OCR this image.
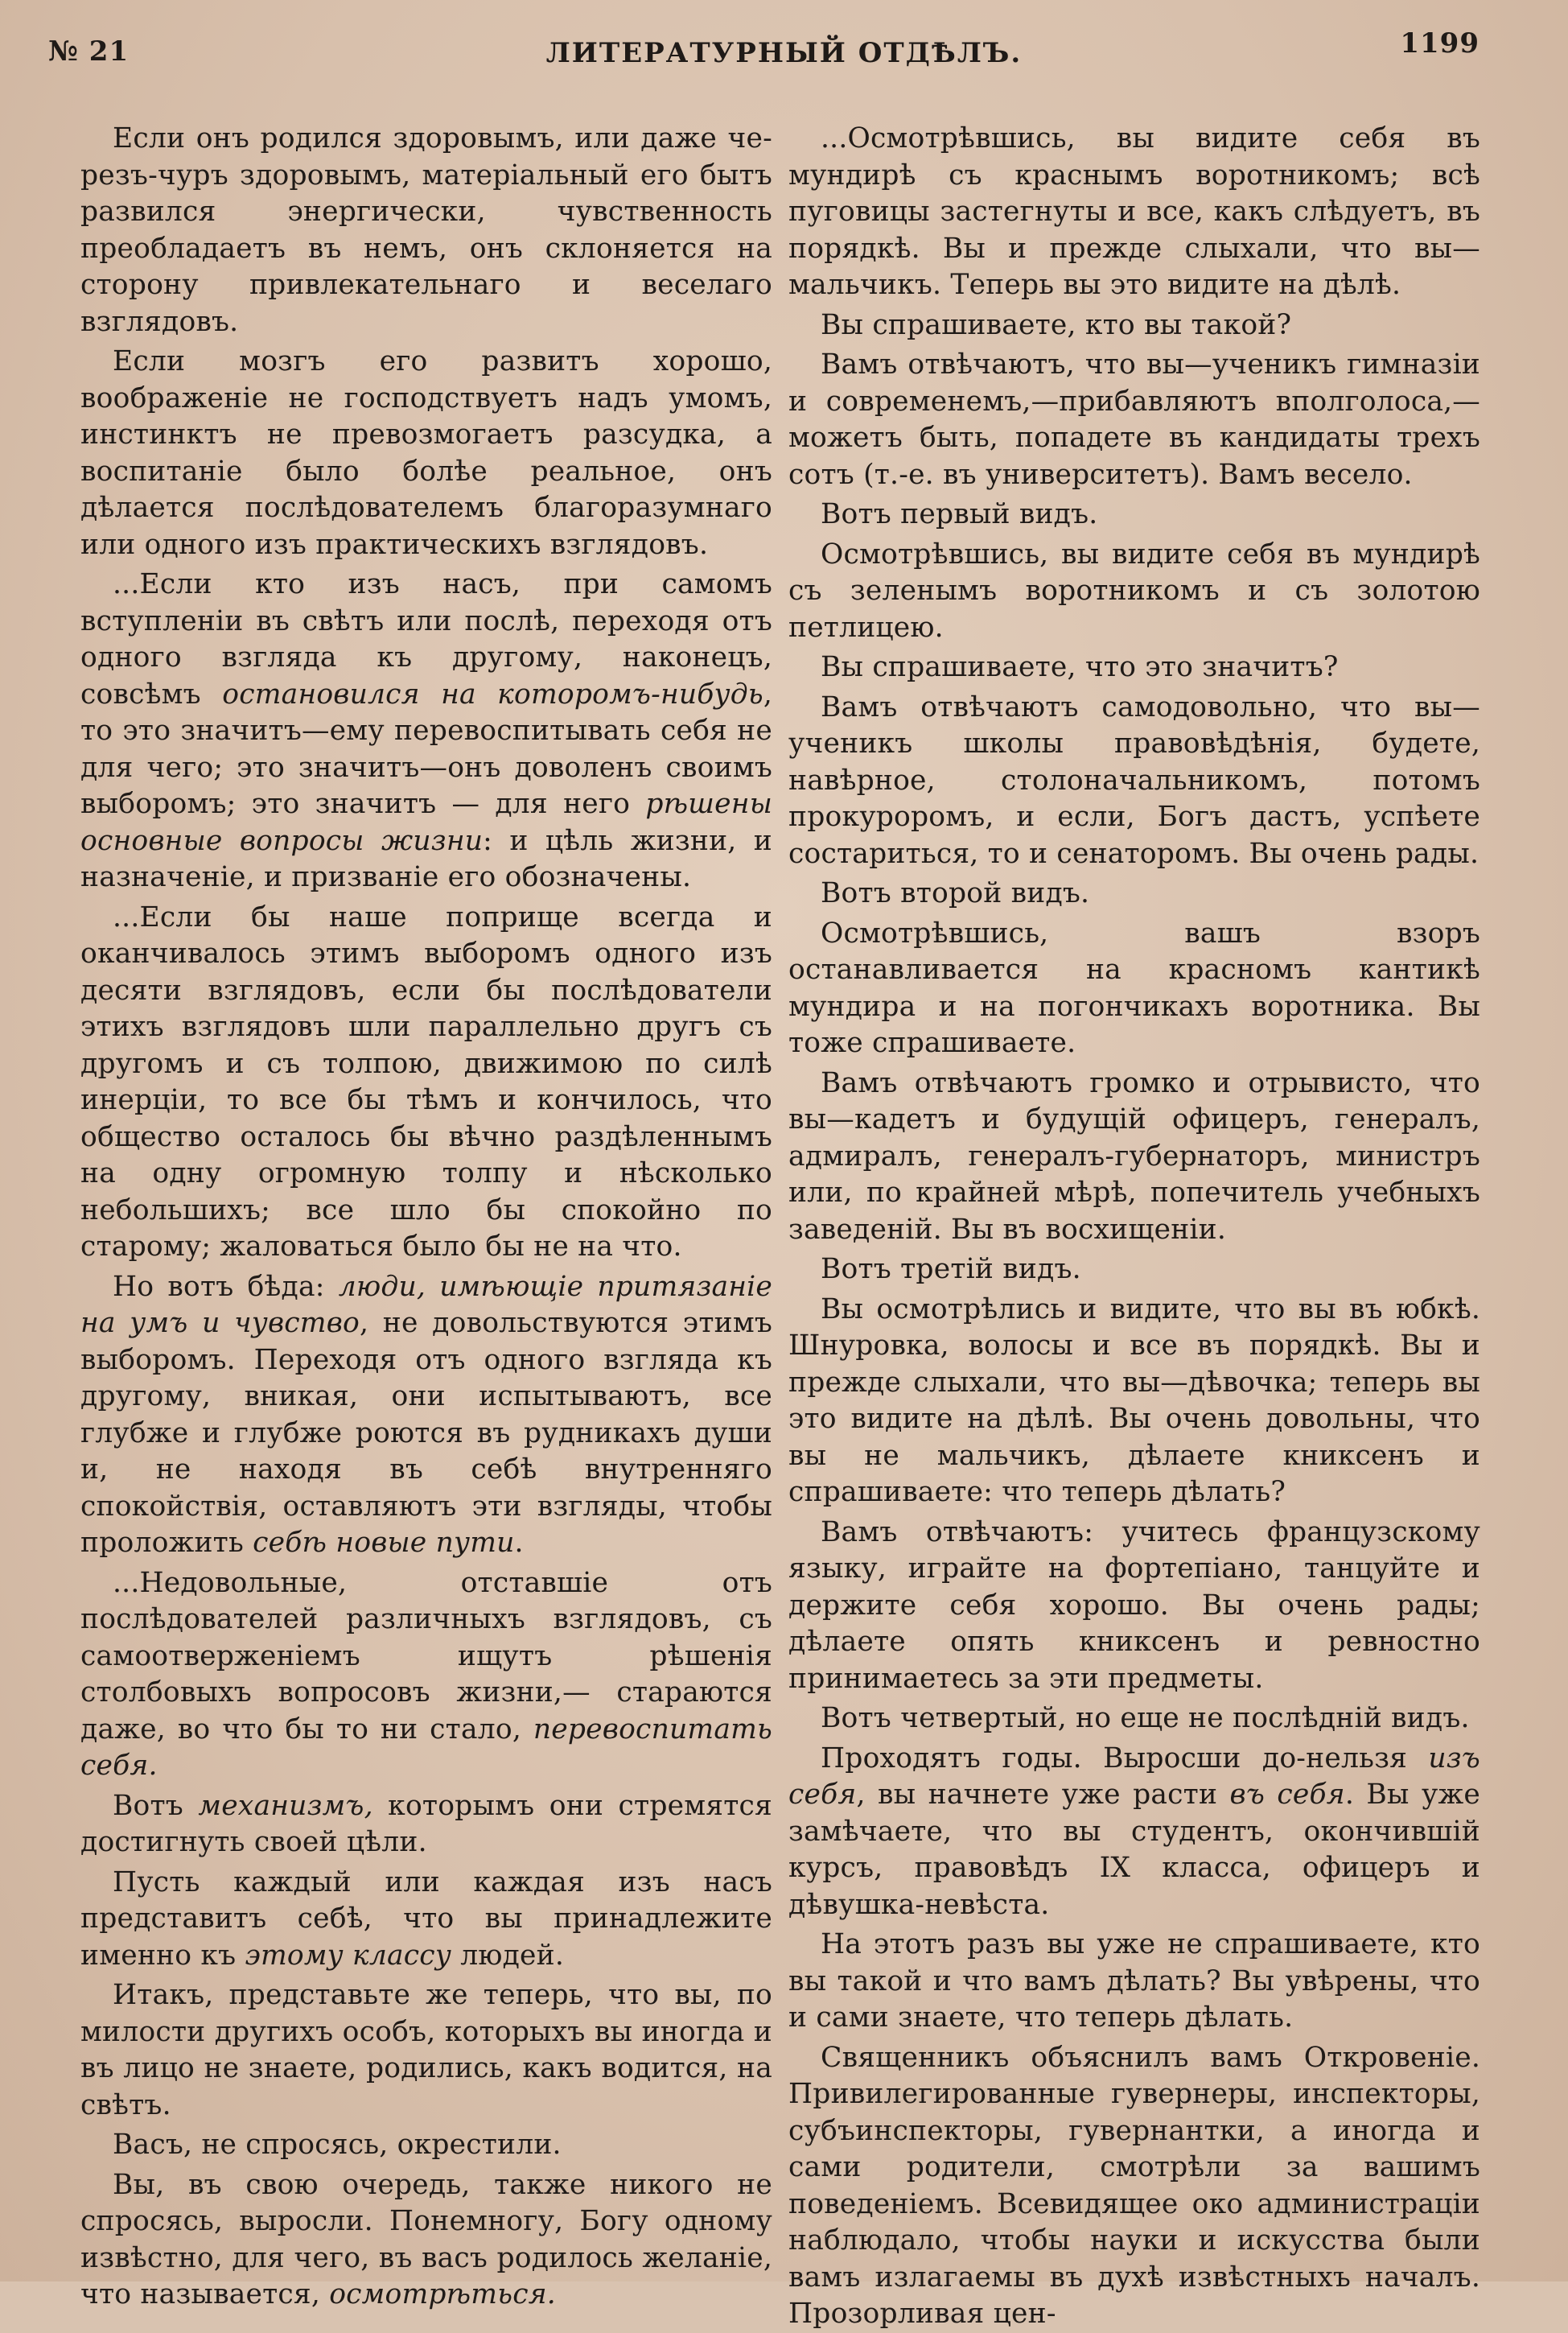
№ 21	ЛИТЕРАТУРНЫЙ ОТДѢЛЪ.	1199

Если онъ родился здоровымъ, или даже че- резъ-чуръ здоровымъ, матеріальный его бытъ развился энергически, чувственность преобладаетъ въ немъ, онъ склоняется на сторону привлекательнаго и веселаго взглядовъ.

Если мозгъ его развитъ хорошо, воображеніе не господствуетъ надъ умомъ, инстинктъ не превозмогаетъ разсудка, а воспитаніе было болѣе реальное, онъ дѣлается послѣдователемъ благоразумнаго или одного изъ практическихъ взглядовъ.

...Если кто изъ насъ, при самомъ вступленіи въ свѣтъ или послѣ, переходя отъ одного взгляда къ другому, наконецъ, совсѣмъ остановился на которомъ-нибудь, то это значитъ—ему перевоспитывать себя не для чего; это значитъ—онъ доволенъ своимъ выборомъ; это значитъ — для него рѣшены основные вопросы жизни: и цѣль жизни, и назначеніе, и призваніе его обозначены.

...Если бы наше поприще всегда и оканчивалось этимъ выборомъ одного изъ десяти взглядовъ, если бы послѣдователи этихъ взглядовъ шли параллельно другъ съ другомъ и съ толпою, движимою по силѣ инерціи, то все бы тѣмъ и кончилось, что общество осталось бы вѣчно раздѣленнымъ на одну огромную толпу и нѣсколько небольшихъ; все шло бы спокойно по старому; жаловаться было бы не на что.

Но вотъ бѣда: люди, имѣющіе притязаніе на умъ и чувство, не довольствуются этимъ выборомъ. Переходя отъ одного взгляда къ другому, вникая, они испытываютъ, все глубже и глубже роются въ рудникахъ души и, не находя въ себѣ внутренняго спокойствія, оставляютъ эти взгляды, чтобы проложить себѣ новые пути.

...Недовольные, отставшіе отъ послѣдователей различныхъ взглядовъ, съ самоотверженіемъ ищутъ рѣшенія столбовыхъ вопросовъ жизни,— стараются даже, во что бы то ни стало, перевоспитать себя.

Вотъ механизмъ, которымъ они стремятся достигнуть своей цѣли.

Пусть каждый или каждая изъ насъ представитъ себѣ, что вы принадлежите именно къ этому классу людей.

Итакъ, представьте же теперь, что вы, по милости другихъ особъ, которыхъ вы иногда и въ лицо не знаете, родились, какъ водится, на свѣтъ.

Васъ, не спросясь, окрестили.

Вы, въ свою очередь, также никого не спросясь, выросли. Понемногу, Богу одному извѣстно, для чего, въ васъ родилось желаніе, что называется, осмотрѣться.

...Осмотрѣвшись, вы видите себя въ мундирѣ съ краснымъ воротникомъ; всѣ пуговицы застегнуты и все, какъ слѣдуетъ, въ порядкѣ. Вы и прежде слыхали, что вы—мальчикъ. Теперь вы это видите на дѣлѣ.

Вы спрашиваете, кто вы такой?

Вамъ отвѣчаютъ, что вы—ученикъ гимназіи и современемъ,—прибавляютъ вполголоса,— можетъ быть, попадете въ кандидаты трехъ сотъ (т.-е. въ университетъ). Вамъ весело.

Вотъ первый видъ.

Осмотрѣвшись, вы видите себя въ мундирѣ съ зеленымъ воротникомъ и съ золотою петлицею.

Вы спрашиваете, что это значитъ?

Вамъ отвѣчаютъ самодовольно, что вы—ученикъ школы правовѣдѣнія, будете, навѣрное, столоначальникомъ, потомъ прокуроромъ, и если, Богъ дастъ, успѣете состариться, то и сенаторомъ. Вы очень рады.

Вотъ второй видъ.

Осмотрѣвшись, вашъ взоръ останавливается на красномъ кантикѣ мундира и на погончикахъ воротника. Вы тоже спрашиваете.

Вамъ отвѣчаютъ громко и отрывисто, что вы—кадетъ и будущій офицеръ, генералъ, адмиралъ, генералъ-губернаторъ, министръ или, по крайней мѣрѣ, попечитель учебныхъ заведеній. Вы въ восхищеніи.

Вотъ третій видъ.

Вы осмотрѣлись и видите, что вы въ юбкѣ. Шнуровка, волосы и все въ порядкѣ. Вы и прежде слыхали, что вы—дѣвочка; теперь вы это видите на дѣлѣ. Вы очень довольны, что вы не мальчикъ, дѣлаете книксенъ и спрашиваете: что теперь дѣлать?

Вамъ отвѣчаютъ: учитесь французскому языку, играйте на фортепіано, танцуйте и держите себя хорошо. Вы очень рады; дѣлаете опять книксенъ и ревностно принимаетесь за эти предметы.

Вотъ четвертый, но еще не послѣдній видъ.

Проходятъ годы. Выросши до-нельзя изъ себя, вы начнете уже расти въ себя. Вы уже замѣчаете, что вы студентъ, окончившій курсъ, правовѣдъ IX класса, офицеръ и дѣвушка-невѣста.

На этотъ разъ вы уже не спрашиваете, кто вы такой и что вамъ дѣлать? Вы увѣрены, что и сами знаете, что теперь дѣлать.

Священникъ объяснилъ вамъ Откровеніе. Привилегированные гувернеры, инспекторы, субъинспекторы, гувернантки, а иногда и сами родители, смотрѣли за вашимъ поведеніемъ. Всевидящее око администраціи наблюдало, чтобы науки и искусства были вамъ излагаемы въ духѣ извѣстныхъ началъ. Прозорливая цен-
